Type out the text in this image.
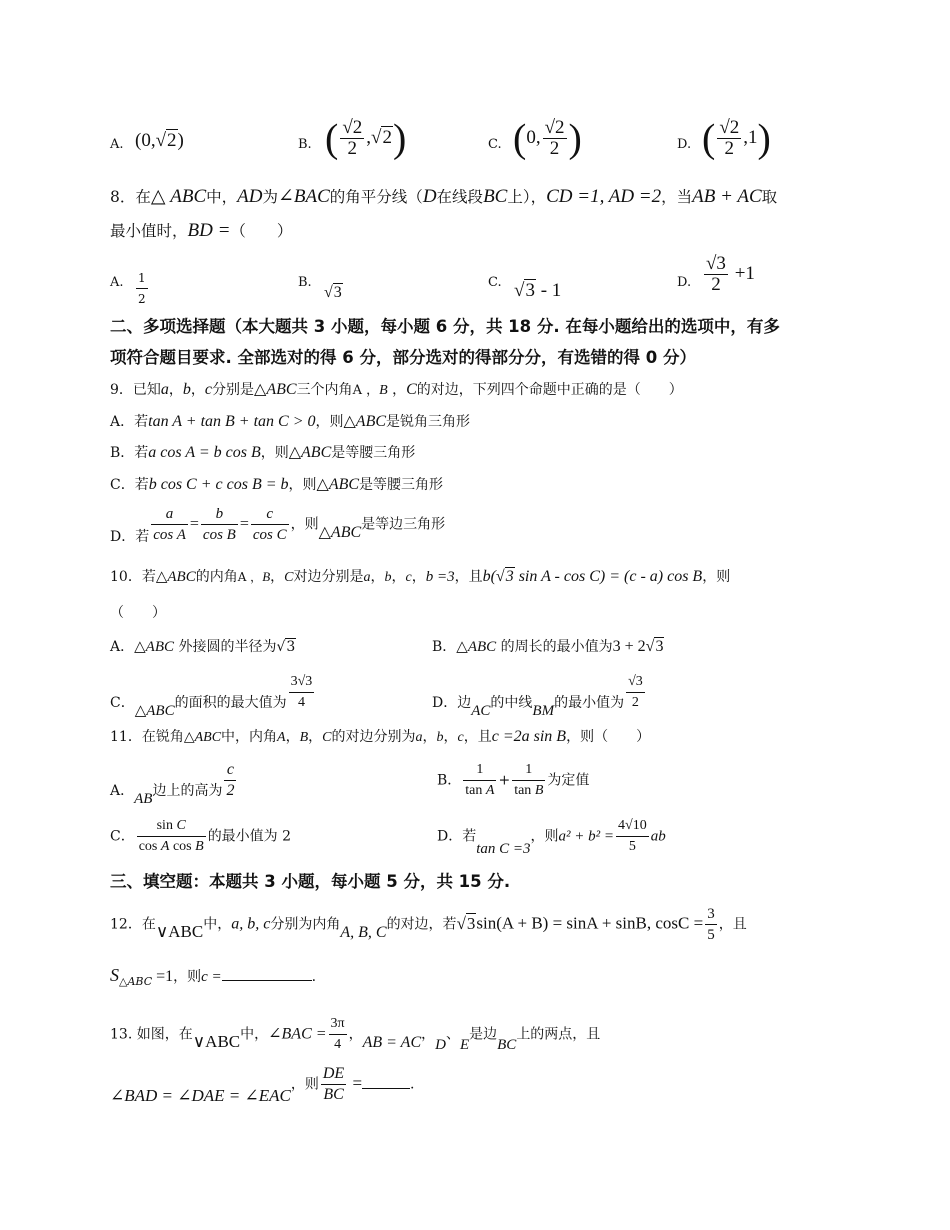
A. (0,√2)	B. ( $\frac{√2}{2} ,√2$)	C. (0, $\frac{√2}{2}$ )	D. ( $\frac{√2}{2} ,1$)
8．在△ ABC中，AD为∠BAC的角平分线（D在线段BC上），CD =1, AD =2，当AB + AC取
最小值时，BD =（　　）
A. $\frac{1}{2}$	B.
√3
C. √3 - 1	D. $\frac{√3}{2} +1$
二、多项选择题（本大题共 3 小题，每小题 6 分，共 18 分. 在每小题给出的选项中，有多
项符合题目要求. 全部选对的得 6 分，部分选对的得部分分，有选错的得 0 分）
9．已知a，b，c分别是△ABC三个内角A ，B ，C的对边，下列四个命题中正确的是（　　）
A．若tan A + tan B + tan C > 0，则△ABC是锐角三角形
B．若a cos A = b cos B，则△ABC是等腰三角形
C．若b cos C + c cos B = b，则△ABC是等腰三角形
D．若 $\frac{a}{\text{cos A}} = \frac{b}{\text{cos B}} = \frac{c}{\text{cos C}}$ ，则△ABC是等边三角形
10．若△ABC的内角A ，B，C对边分别是a，b，c，b =3，且b(√3 sin A - cos C) = (c - a) cos B，则
（　　）
A．△ABC 外接圆的半径为√3	B．△ABC 的周长的最小值为3 + 2√3
C．△ABC的面积的最大值为 $\frac{3√3}{4}$	D．边AC的中线BM的最小值为 $\frac{√3}{2}$
11．在锐角△ABC中，内角A，B，C的对边分别为a，b，c，且c =2a sin B，则（　　）
A．AB边上的高为 $\frac{c}{2}$	B． $\frac{1}{\text{tan A}} + \frac{1}{\text{tan B}}$ 为定值
C． $\frac{\text{sin C}}{\text{cos A cos B}}$ 的最小值为 2	D．若tan C =3，则$a^2 + b^2 = \frac{4√10}{5}$ ab
三、填空题：本题共 3 小题，每小题 5 分，共 15 分.
12．在∨ABC中，a, b, c分别为内角A, B, C的对边，若√3sin(A + B) = sinA + sinB, $\cos C = \frac{3}{5}$ ，且
$S_{\triangle ABC} =1$，则c =	.
13. 如图，在∨ABC中，∠BAC = $\frac{3\pi}{4}$ ，AB = AC，D、E是边BC上的两点，且
∠BAD = ∠DAE = ∠EAC，则 $\frac{DE}{BC}$ =	.
